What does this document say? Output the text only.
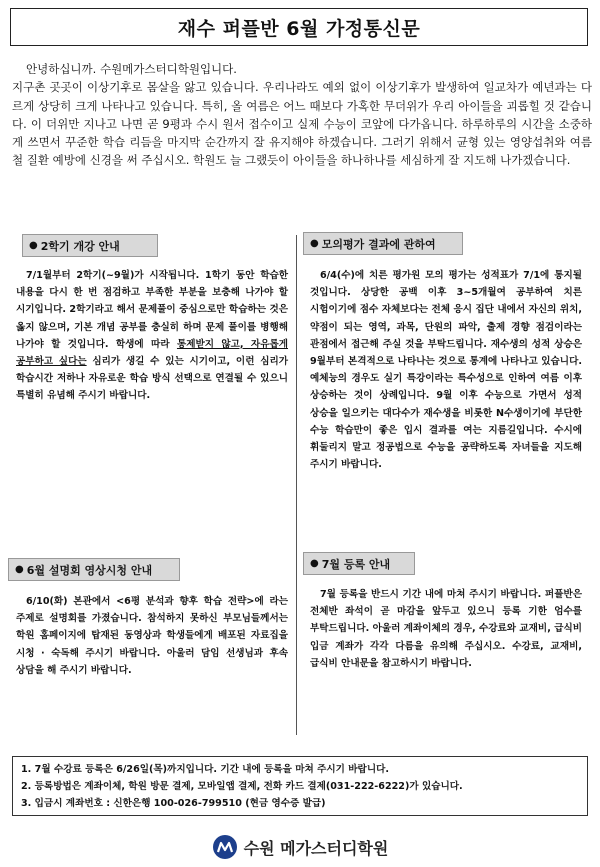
재수 퍼플반 6월 가정통신문

안녕하십니까. 수원메가스터디학원입니다.

지구촌 곳곳이 이상기후로 몸살을 앓고 있습니다. 우리나라도 예외 없이 이상기후가 발생하여 일교차가 예년과는 다르게 상당히 크게 나타나고 있습니다. 특히, 올 여름은 어느 때보다 가혹한 무더위가 우리 아이들을 괴롭힐 것 같습니다. 이 더위만 지나고 나면 곧 9평과 수시 원서 접수이고 실제 수능이 코앞에 다가옵니다. 하루하루의 시간을 소중하게 쓰면서 꾸준한 학습 리듬을 마지막 순간까지 잘 유지해야 하겠습니다. 그러기 위해서 균형 있는 영양섭취와 여름철 질환 예방에 신경을 써 주십시오. 학원도 늘 그랬듯이 아이들을 하나하나를 세심하게 잘 지도해 나가겠습니다.

● 2학기 개강 안내

7/1월부터 2학기(~9월)가 시작됩니다. 1학기 동안 학습한 내용을 다시 한 번 점검하고 부족한 부분을 보충해 나가야 할 시기입니다. 2학기라고 해서 문제풀이 중심으로만 학습하는 것은 옳지 않으며, 기본 개념 공부를 충실히 하며 문제 풀이를 병행해 나가야 할 것입니다. 학생에 따라 통제받지 않고, 자유롭게 공부하고 싶다는 심리가 생길 수 있는 시기이고, 이런 심리가 학습시간 저하나 자유로운 학습 방식 선택으로 연결될 수 있으니 특별히 유념해 주시기 바랍니다.

● 모의평가 결과에 관하여

6/4(수)에 치른 평가원 모의 평가는 성적표가 7/1에 통지될 것입니다. 상당한 공백 이후 3~5개월여 공부하여 치른 시험이기에 점수 자체보다는 전체 응시 집단 내에서 자신의 위치, 약점이 되는 영역, 과목, 단원의 파악, 출제 경향 점검이라는 관점에서 접근해 주실 것을 부탁드립니다. 재수생의 성적 상승은 9월부터 본격적으로 나타나는 것으로 통계에 나타나고 있습니다. 예체능의 경우도 실기 특강이라는 특수성으로 인하여 여름 이후 상승하는 것이 상례입니다. 9월 이후 수능으로 가면서 성적 상승을 일으키는 대다수가 재수생을 비롯한 N수생이기에 부단한 수능 학습만이 좋은 입시 결과를 여는 지름길입니다. 수시에 휘둘리지 말고 정공법으로 수능을 공략하도록 자녀들을 지도해 주시기 바랍니다.

● 6월 설명회 영상시청 안내

6/10(화) 본관에서 <6평 분석과 향후 학습 전략>에 라는 주제로 설명회를 가졌습니다. 참석하지 못하신 부모님들께서는 학원 홈페이지에 탑재된 동영상과 학생들에게 배포된 자료집을 시청 · 숙독해 주시기 바랍니다. 아울러 담임 선생님과 후속 상담을 해 주시기 바랍니다.

● 7월 등록 안내

7월 등록을 반드시 기간 내에 마쳐 주시기 바랍니다. 퍼플반은 전체반 좌석이 곧 마감을 앞두고 있으니 등록 기한 엄수를 부탁드립니다. 아울러 계좌이체의 경우, 수강료와 교재비, 급식비 입금 계좌가 각각 다름을 유의해 주십시오. 수강료, 교재비, 급식비 안내문을 참고하시기 바랍니다.

1. 7월 수강료 등록은 6/26일(목)까지입니다. 기간 내에 등록을 마쳐 주시기 바랍니다.
2. 등록방법은 계좌이체, 학원 방문 결제, 모바일앱 결제, 전화 카드 결제(031-222-6222)가 있습니다.
3. 입금시 계좌번호 : 신한은행 100-026-799510 (현금 영수증 발급)
수원 메가스터디학원
